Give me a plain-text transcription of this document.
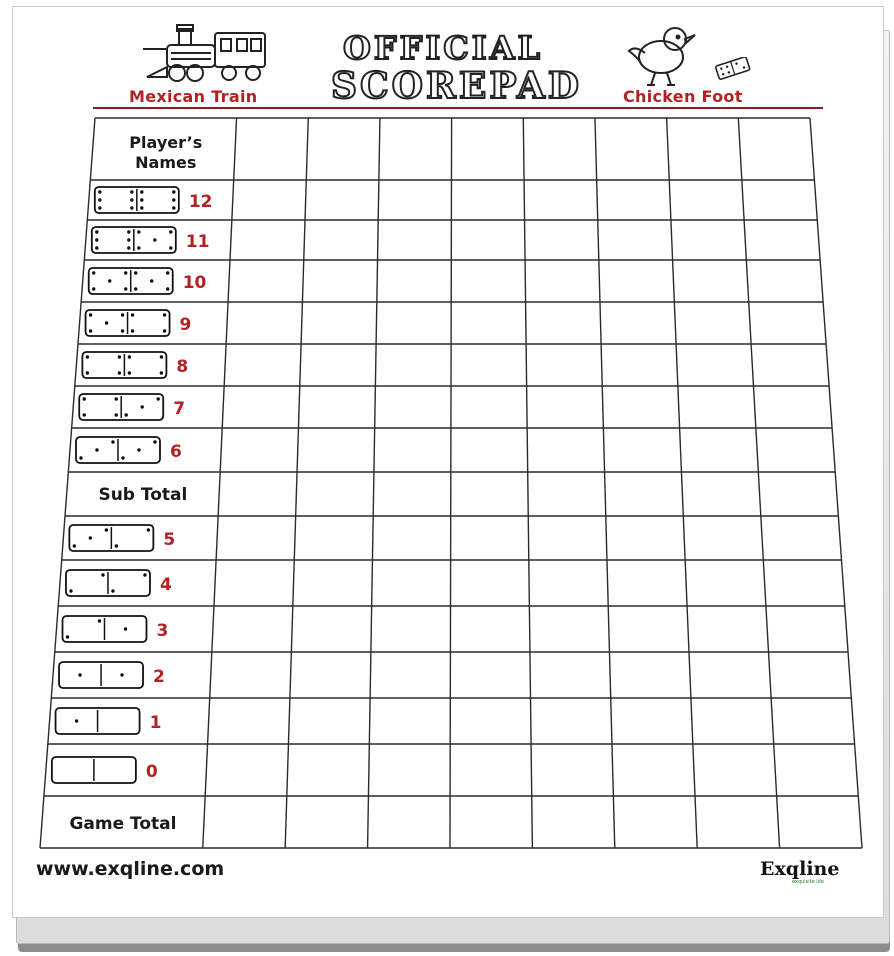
Mexican Train
OFFICIAL
SCOREPAD	Chicken Foot
Player’s
Names
12
11
10
9
8
7
6
Sub Total
5
4
3
2
1
0
Game Total
www.exqline.com	Exqline
exquisite life
